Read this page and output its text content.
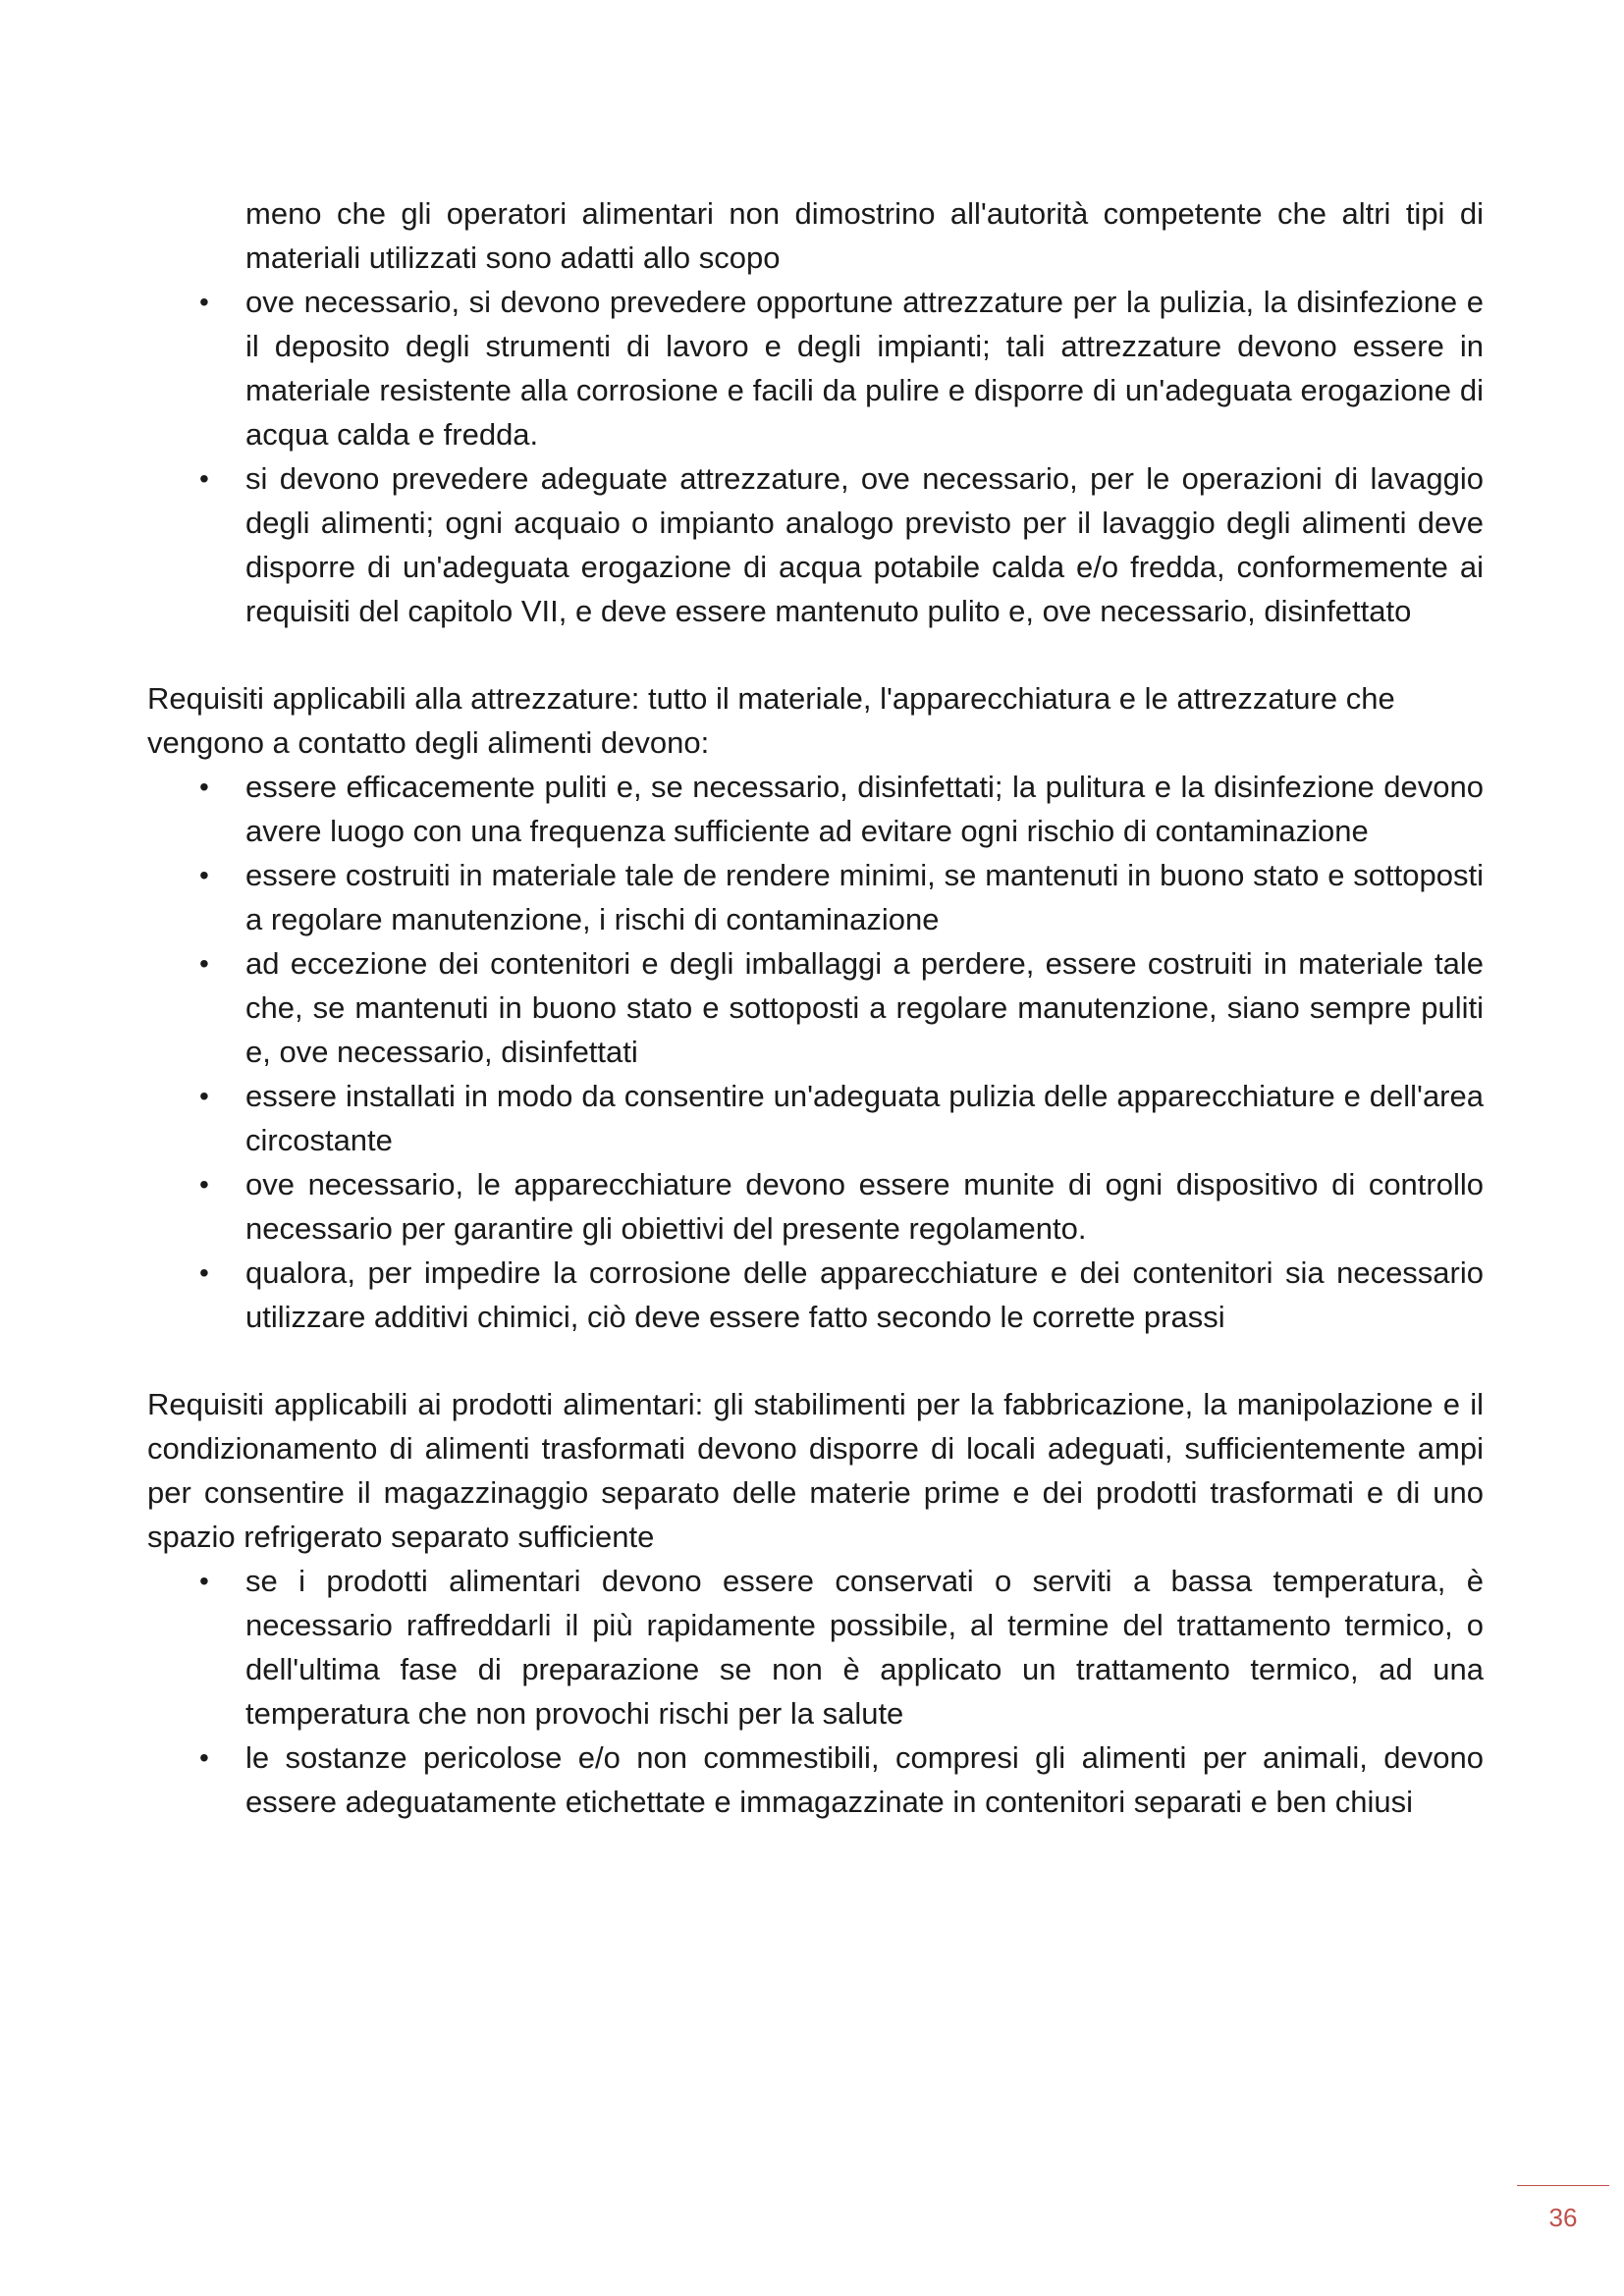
meno che gli operatori alimentari non dimostrino all'autorità competente che altri tipi di materiali utilizzati sono adatti allo scopo
• ove necessario, si devono prevedere opportune attrezzature per la pulizia, la disinfezione e il deposito degli strumenti di lavoro e degli impianti; tali attrezzature devono essere in materiale resistente alla corrosione e facili da pulire e disporre di un'adeguata erogazione di acqua calda e fredda.
• si devono prevedere adeguate attrezzature, ove necessario, per le operazioni di lavaggio degli alimenti; ogni acquaio o impianto analogo previsto per il lavaggio degli alimenti deve disporre di un'adeguata erogazione di acqua potabile calda e/o fredda, conformemente ai requisiti del capitolo VII, e deve essere mantenuto pulito e, ove necessario, disinfettato

Requisiti applicabili alla attrezzature: tutto il materiale, l'apparecchiatura e le attrezzature che vengono a contatto degli alimenti devono:

• essere efficacemente puliti e, se necessario, disinfettati; la pulitura e la disinfezione devono avere luogo con una frequenza sufficiente ad evitare ogni rischio di contaminazione
• essere costruiti in materiale tale de rendere minimi, se mantenuti in buono stato e sottoposti a regolare manutenzione, i rischi di contaminazione
• ad eccezione dei contenitori e degli imballaggi a perdere, essere costruiti in materiale tale che, se mantenuti in buono stato e sottoposti a regolare manutenzione, siano sempre puliti e, ove necessario, disinfettati
• essere installati in modo da consentire un'adeguata pulizia delle apparecchiature e dell'area circostante
• ove necessario, le apparecchiature devono essere munite di ogni dispositivo di controllo necessario per garantire gli obiettivi del presente regolamento.
• qualora, per impedire la corrosione delle apparecchiature e dei contenitori sia necessario utilizzare additivi chimici, ciò deve essere fatto secondo le corrette prassi

Requisiti applicabili ai prodotti alimentari: gli stabilimenti per la fabbricazione, la manipolazione e il condizionamento di alimenti trasformati devono disporre di locali adeguati, sufficientemente ampi per consentire il magazzinaggio separato delle materie prime e dei prodotti trasformati e di uno spazio refrigerato separato sufficiente

• se i prodotti alimentari devono essere conservati o serviti a bassa temperatura, è necessario raffreddarli il più rapidamente possibile, al termine del trattamento termico, o dell'ultima fase di preparazione se non è applicato un trattamento termico, ad una temperatura che non provochi rischi per la salute
• le sostanze pericolose e/o non commestibili, compresi gli alimenti per animali, devono essere adeguatamente etichettate e immagazzinate in contenitori separati e ben chiusi
36
